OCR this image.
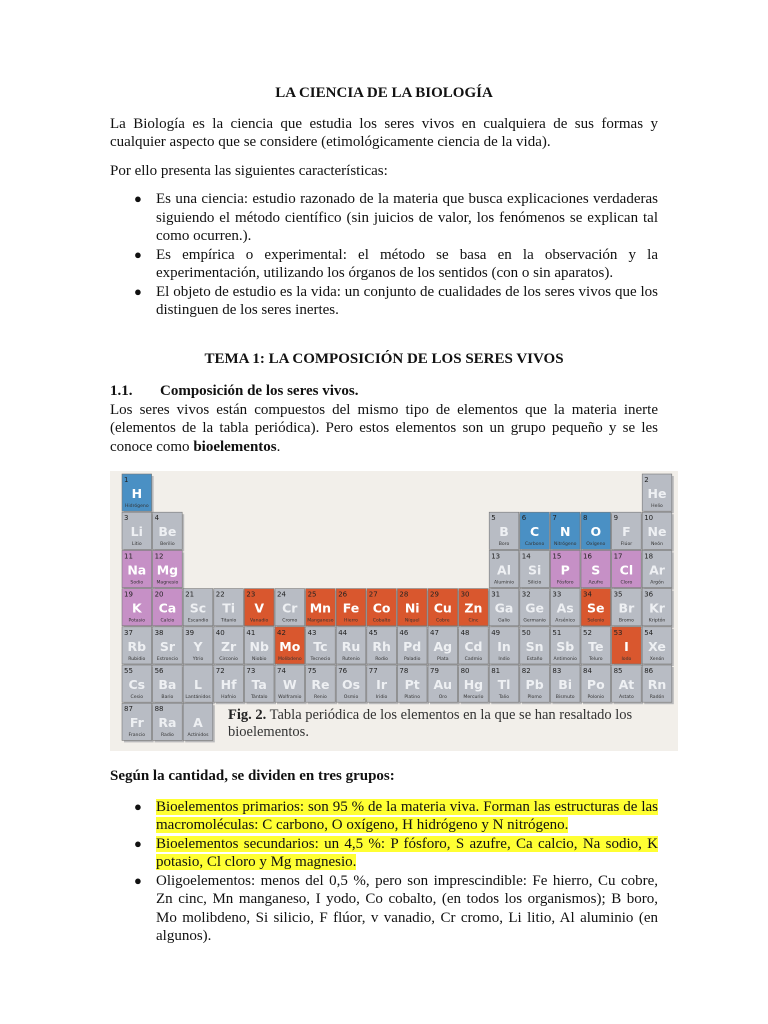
LA CIENCIA DE LA BIOLOGÍA

La Biología es la ciencia que estudia los seres vivos en cualquiera de sus formas y cualquier aspecto que se considere (etimológicamente ciencia de la vida).

Por ello presenta las siguientes características:

● Es una ciencia: estudio razonado de la materia que busca explicaciones verdaderas siguiendo el método científico (sin juicios de valor, los fenómenos se explican tal como ocurren.).
● Es empírica o experimental: el método se basa en la observación y la experimentación, utilizando los órganos de los sentidos (con o sin aparatos).
● El objeto de estudio es la vida: un conjunto de cualidades de los seres vivos que los distinguen de los seres inertes.
TEMA 1: LA COMPOSICIÓN DE LOS SERES VIVOS
1.1.	Composición de los seres vivos.

Los seres vivos están compuestos del mismo tipo de elementos que la materia inerte (elementos de la tabla periódica). Pero estos elementos son un grupo pequeño y se les conoce como bioelementos.

1
H
Hidrógeno
2
He
Helio
3
Li
Litio
4
Be
Berilio
5
B
Boro
6
C
Carbono
7
N
Nitrógeno
8
O
Oxígeno
9
F
Flúor
10
Ne
Neón
11
Na
Sodio
12
Mg
Magnesio
13
Al
Aluminio
14
Si
Silicio
15
P
Fósforo
16
S
Azufre
17
Cl
Cloro
18
Ar
Argón
19
K
Potasio
20
Ca
Calcio
21
Sc
Escandio
22
Ti
Titanio
23
V
Vanadio
24
Cr
Cromo
25
Mn
Manganeso
26
Fe
Hierro
27
Co
Cobalto
28
Ni
Níquel
29
Cu
Cobre
30
Zn
Cinc
31
Ga
Galio
32
Ge
Germanio
33
As
Arsénico
34
Se
Selenio
35
Br
Bromo
36
Kr
Kriptón
37
Rb
Rubidio
38
Sr
Estroncio
39
Y
Ytrio
40
Zr
Circonio
41
Nb
Niobio
42
Mo
Molibdeno
43
Tc
Tecnecio
44
Ru
Rutenio
45
Rh
Rodio
46
Pd
Paladio
47
Ag
Plata
48
Cd
Cadmio
49
In
Indio
50
Sn
Estaño
51
Sb
Antimonio
52
Te
Teluro
53
I
Iodo
54
Xe
Xenón
55
Cs
Cesio
56
Ba
Bario
L
Lantánidos
72
Hf
Hafnio
73
Ta
Tántalo
74
W
Wolframio
75
Re
Renio
76
Os
Osmio
77
Ir
Iridio
78
Pt
Platino
79
Au
Oro
80
Hg
Mercurio
81
Tl
Talio
82
Pb
Plomo
83
Bi
Bismuto
84
Po
Polonio
85
At
Astato
86
Rn
Radón
87
Fr
Francio
88
Ra
Radio
A
Actínidos
Fig. 2. Tabla periódica de los elementos en la que se han resaltado los bioelementos.
Según la cantidad, se dividen en tres grupos:
● Bioelementos primarios: son 95 % de la materia viva. Forman las estructuras de las macromoléculas: C carbono, O oxígeno, H hidrógeno y N nitrógeno.
● Bioelementos secundarios: un 4,5 %: P fósforo, S azufre, Ca calcio, Na sodio, K potasio, Cl cloro y Mg magnesio.
● Oligoelementos: menos del 0,5 %, pero son imprescindible: Fe hierro, Cu cobre, Zn cinc, Mn manganeso, I yodo, Co cobalto, (en todos los organismos); B boro, Mo molibdeno, Si silicio, F flúor, v vanadio, Cr cromo, Li litio, Al aluminio (en algunos).
